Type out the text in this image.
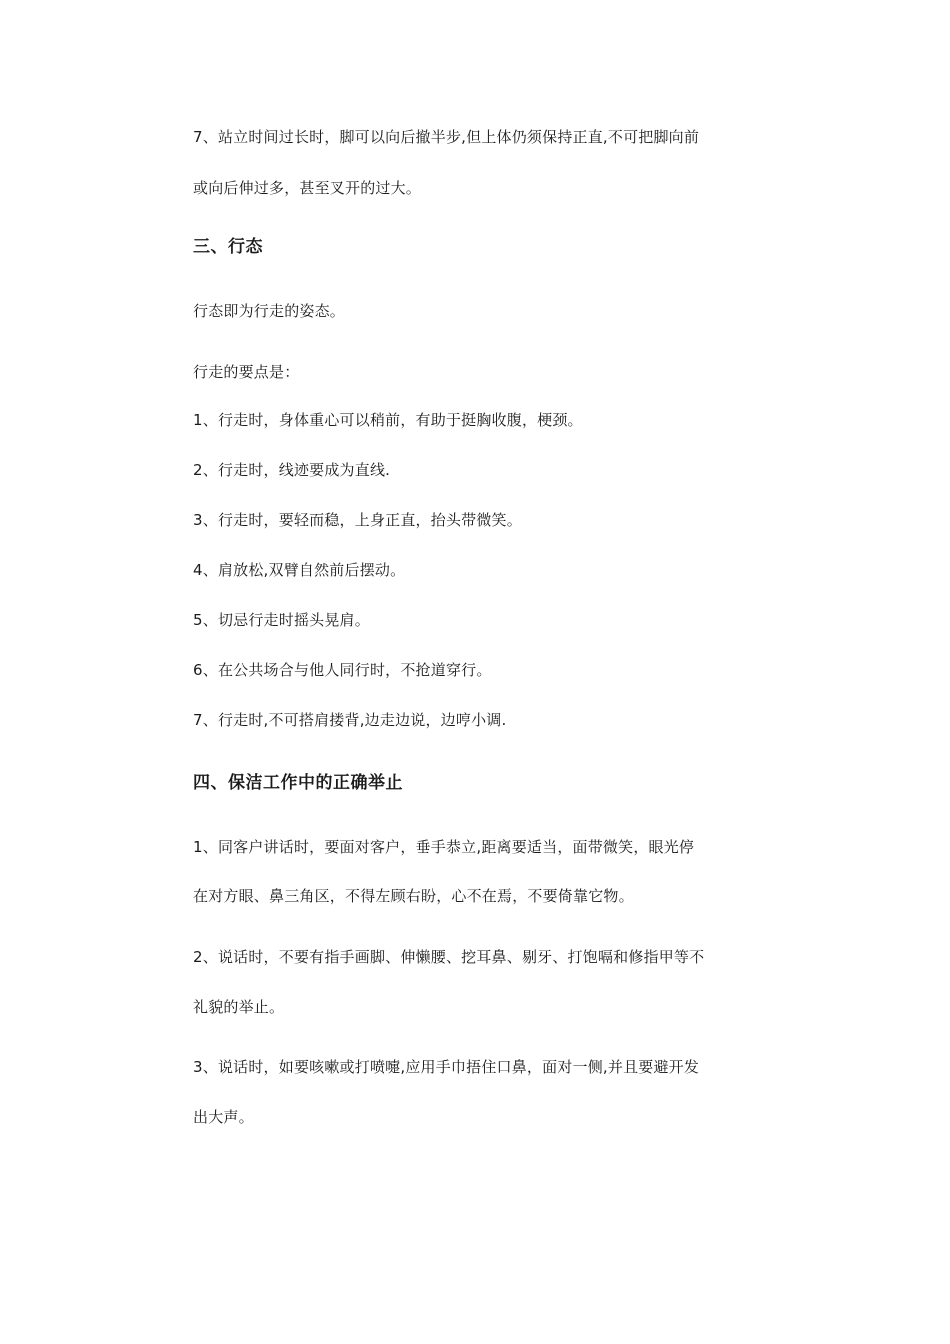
7、站立时间过长时，脚可以向后撤半步,但上体仍须保持正直,不可把脚向前
或向后伸过多，甚至叉开的过大。
三、行态
行态即为行走的姿态。
行走的要点是：
1、行走时，身体重心可以稍前，有助于挺胸收腹，梗颈。
2、行走时，线迹要成为直线.
3、行走时，要轻而稳，上身正直，抬头带微笑。
4、肩放松,双臂自然前后摆动。
5、切忌行走时摇头晃肩。
6、在公共场合与他人同行时，不抢道穿行。
7、行走时,不可搭肩搂背,边走边说，边哼小调.
四、保洁工作中的正确举止
1、同客户讲话时，要面对客户，垂手恭立,距离要适当，面带微笑，眼光停
在对方眼、鼻三角区，不得左顾右盼，心不在焉，不要倚靠它物。
2、说话时，不要有指手画脚、伸懒腰、挖耳鼻、剔牙、打饱嗝和修指甲等不
礼貌的举止。
3、说话时，如要咳嗽或打喷嚏,应用手巾捂住口鼻，面对一侧,并且要避开发
出大声。
